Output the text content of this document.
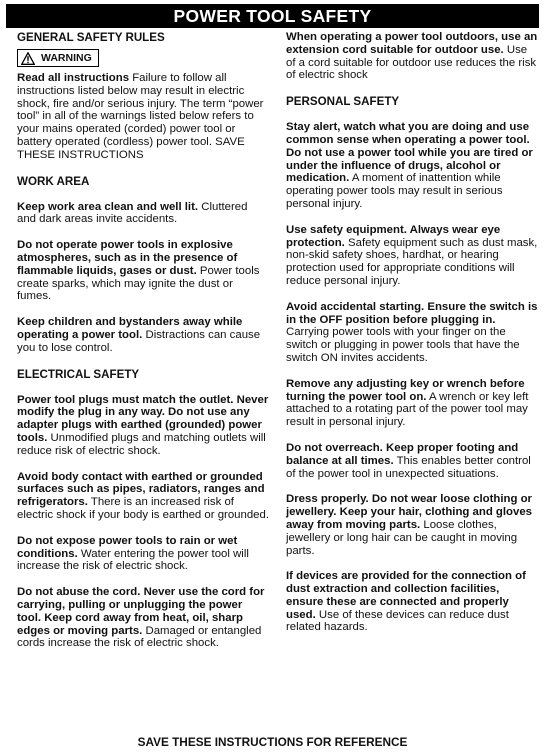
POWER TOOL SAFETY
GENERAL SAFETY RULES
WARNING

Read all instructions Failure to follow all instructions listed below may result in electric shock, fire and/or serious injury. The term “power tool” in all of the warnings listed below refers to your mains operated (corded) power tool or battery operated (cordless) power tool. SAVE THESE INSTRUCTIONS

WORK AREA

Keep work area clean and well lit. Cluttered and dark areas invite accidents.

Do not operate power tools in explosive atmospheres, such as in the presence of flammable liquids, gases or dust. Power tools create sparks, which may ignite the dust or fumes.

Keep children and bystanders away while operating a power tool. Distractions can cause you to lose control.

ELECTRICAL SAFETY

Power tool plugs must match the outlet. Never modify the plug in any way. Do not use any adapter plugs with earthed (grounded) power tools. Unmodified plugs and matching outlets will reduce risk of electric shock.

Avoid body contact with earthed or grounded surfaces such as pipes, radiators, ranges and refrigerators. There is an increased risk of electric shock if your body is earthed or grounded.

Do not expose power tools to rain or wet conditions. Water entering the power tool will increase the risk of electric shock.

Do not abuse the cord. Never use the cord for carrying, pulling or unplugging the power tool. Keep cord away from heat, oil, sharp edges or moving parts. Damaged or entangled cords increase the risk of electric shock.

When operating a power tool outdoors, use an extension cord suitable for outdoor use. Use of a cord suitable for outdoor use reduces the risk of electric shock

PERSONAL SAFETY

Stay alert, watch what you are doing and use common sense when operating a power tool. Do not use a power tool while you are tired or under the influence of drugs, alcohol or medication. A moment of inattention while operating power tools may result in serious personal injury.

Use safety equipment. Always wear eye protection. Safety equipment such as dust mask, non-skid safety shoes, hardhat, or hearing protection used for appropriate conditions will reduce personal injury.

Avoid accidental starting. Ensure the switch is in the OFF position before plugging in. Carrying power tools with your finger on the switch or plugging in power tools that have the switch ON invites accidents.

Remove any adjusting key or wrench before turning the power tool on. A wrench or key left attached to a rotating part of the power tool may result in personal injury.

Do not overreach. Keep proper footing and balance at all times. This enables better control of the power tool in unexpected situations.

Dress properly. Do not wear loose clothing or jewellery. Keep your hair, clothing and gloves away from moving parts. Loose clothes, jewellery or long hair can be caught in moving parts.

If devices are provided for the connection of dust extraction and collection facilities, ensure these are connected and properly used. Use of these devices can reduce dust related hazards.

SAVE THESE INSTRUCTIONS FOR REFERENCE
